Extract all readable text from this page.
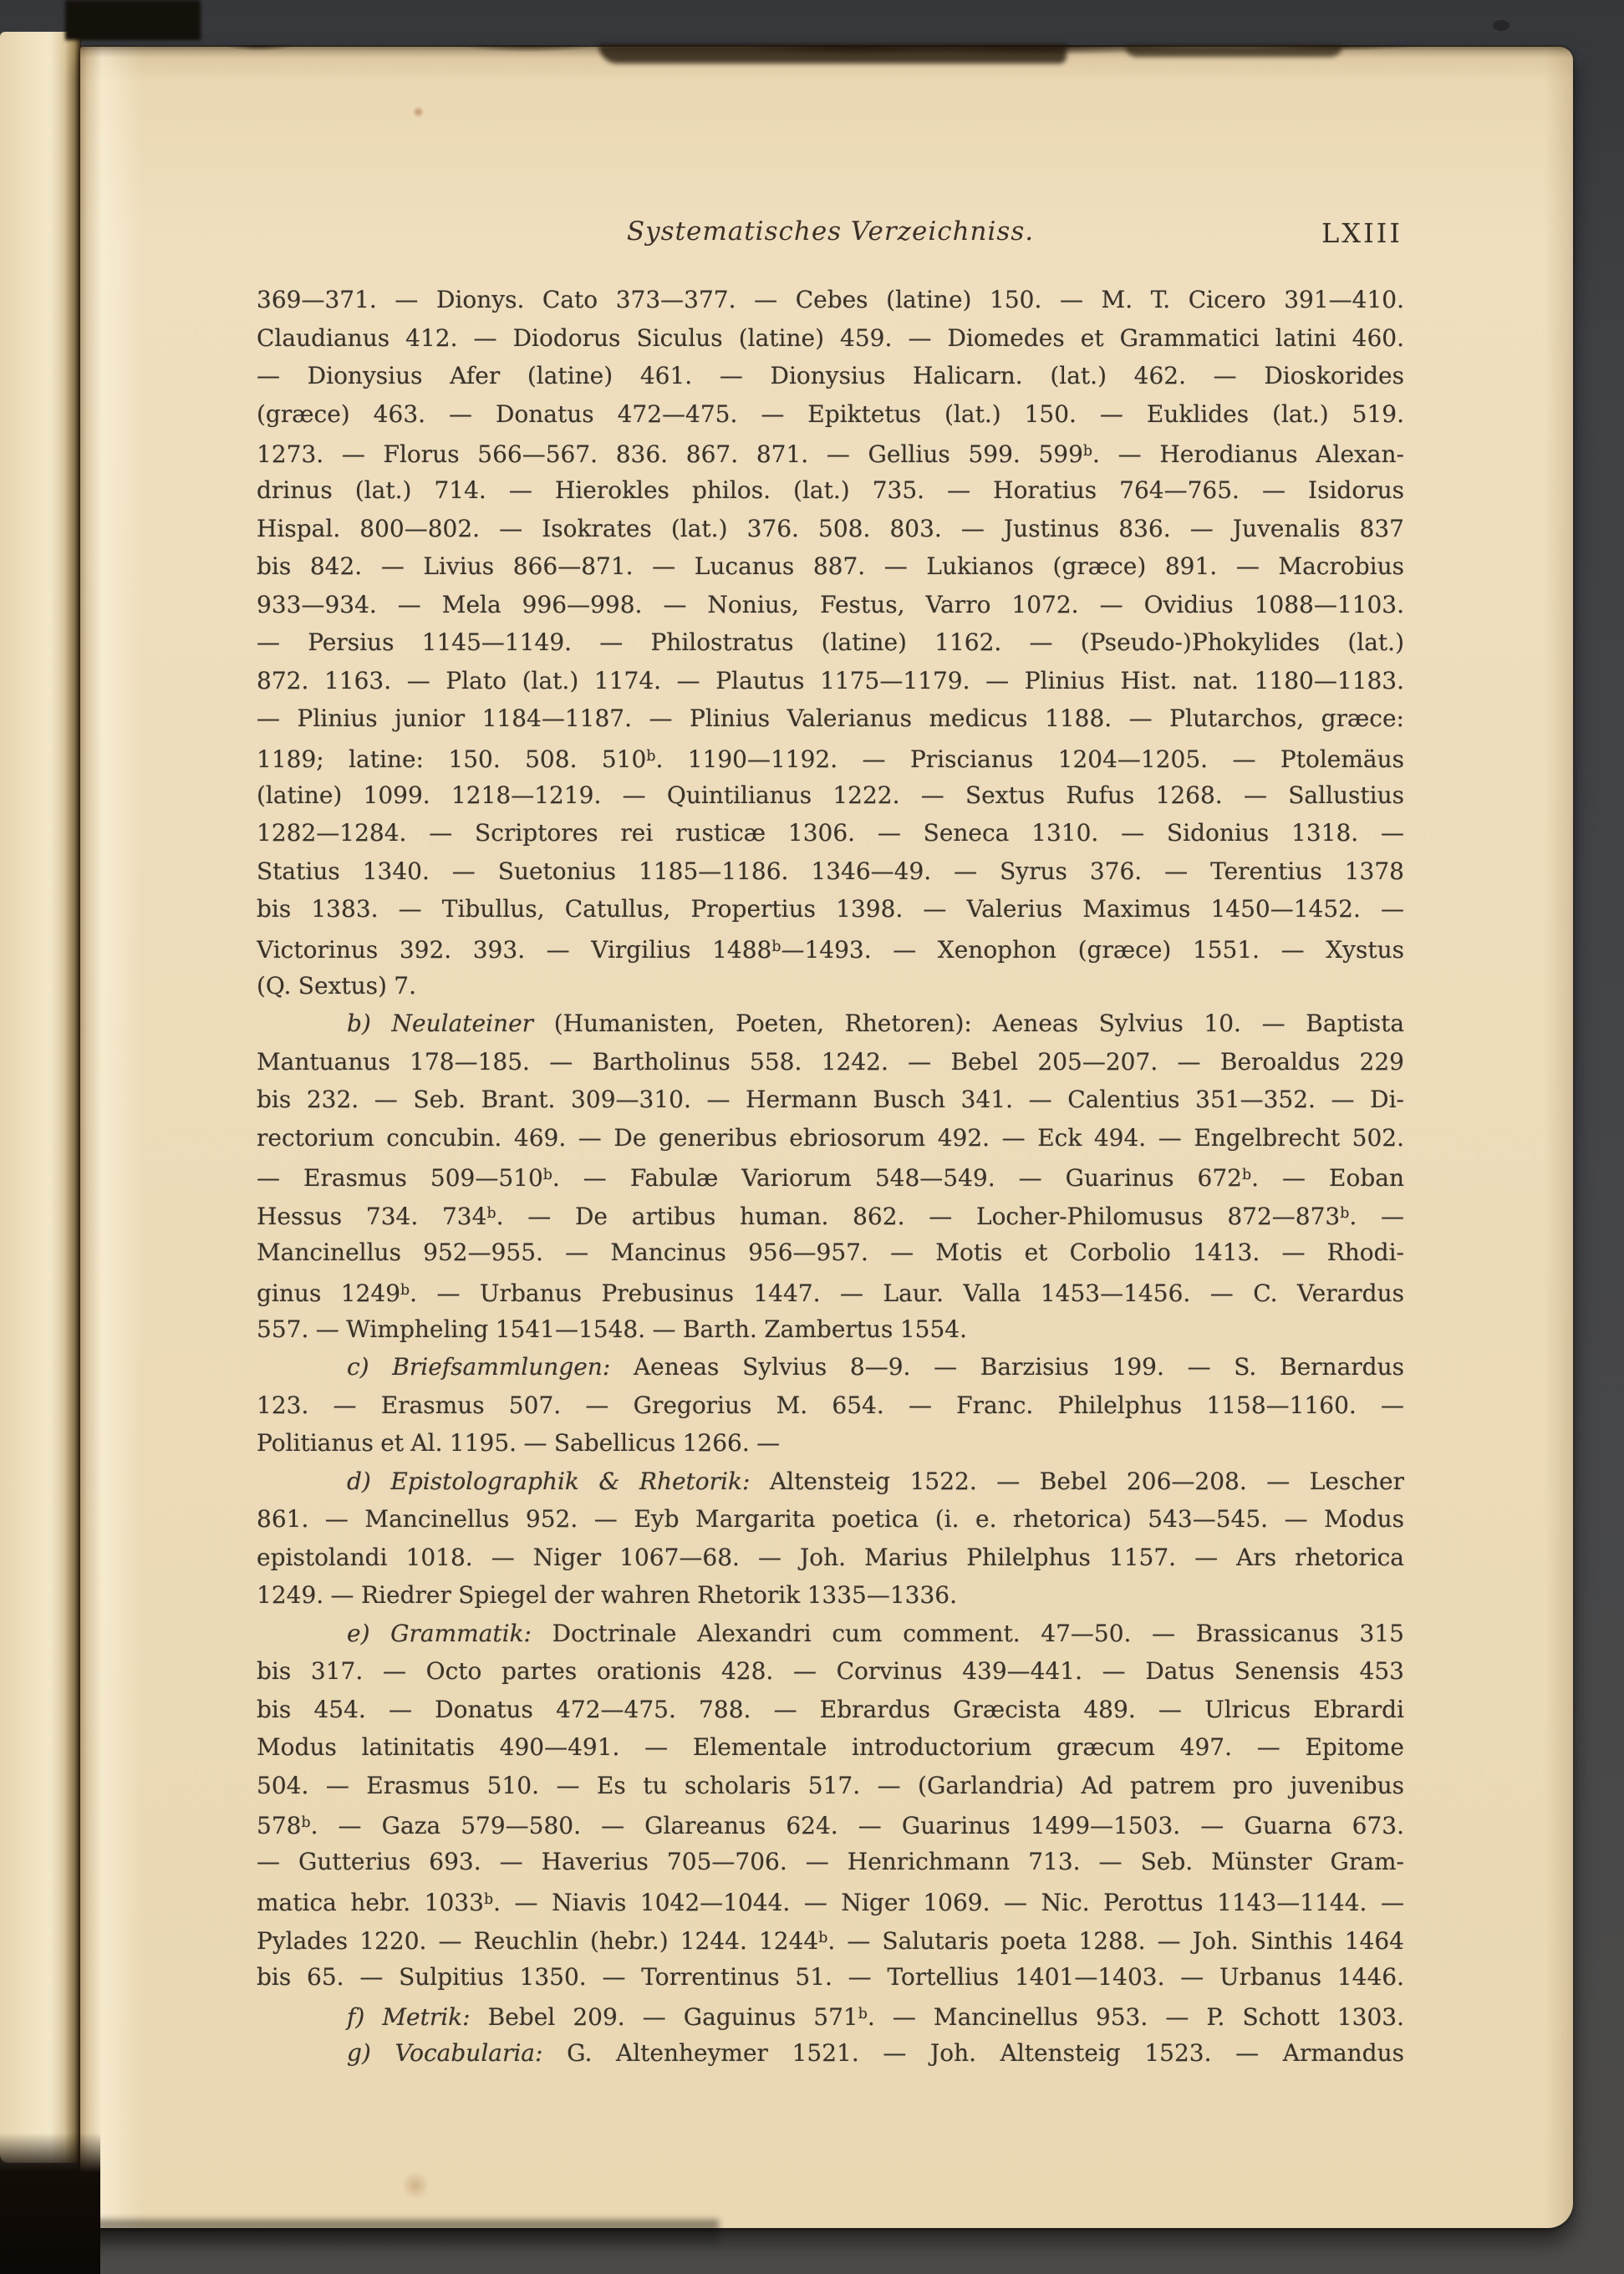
Systematisches Verzeichniss.	LXIII
369—371. — Dionys. Cato 373—377. — Cebes (latine) 150. — M. T. Cicero 391—410.
Claudianus 412. — Diodorus Siculus (latine) 459. — Diomedes et Grammatici latini 460.
— Dionysius Afer (latine) 461. — Dionysius Halicarn. (lat.) 462. — Dioskorides
(græce) 463. — Donatus 472—475. — Epiktetus (lat.) 150. — Euklides (lat.) 519.
1273. — Florus 566—567. 836. 867. 871. — Gellius 599. 599$^b$. — Herodianus Alexan-
drinus (lat.) 714. — Hierokles philos. (lat.) 735. — Horatius 764—765. — Isidorus
Hispal. 800—802. — Isokrates (lat.) 376. 508. 803. — Justinus 836. — Juvenalis 837
bis 842. — Livius 866—871. — Lucanus 887. — Lukianos (græce) 891. — Macrobius
933—934. — Mela 996—998. — Nonius, Festus, Varro 1072. — Ovidius 1088—1103.
— Persius 1145—1149. — Philostratus (latine) 1162. — (Pseudo-)Phokylides (lat.)
872. 1163. — Plato (lat.) 1174. — Plautus 1175—1179. — Plinius Hist. nat. 1180—1183.
— Plinius junior 1184—1187. — Plinius Valerianus medicus 1188. — Plutarchos, græce:
1189; latine: 150. 508. 510$^b$. 1190—1192. — Priscianus 1204—1205. — Ptolemäus
(latine) 1099. 1218—1219. — Quintilianus 1222. — Sextus Rufus 1268. — Sallustius
1282—1284. — Scriptores rei rusticæ 1306. — Seneca 1310. — Sidonius 1318. —
Statius 1340. — Suetonius 1185—1186. 1346—49. — Syrus 376. — Terentius 1378
bis 1383. — Tibullus, Catullus, Propertius 1398. — Valerius Maximus 1450—1452. —
Victorinus 392. 393. — Virgilius 1488$^b$—1493. — Xenophon (græce) 1551. — Xystus
(Q. Sextus) 7.
b) Neulateiner (Humanisten, Poeten, Rhetoren): Aeneas Sylvius 10. — Baptista
Mantuanus 178—185. — Bartholinus 558. 1242. — Bebel 205—207. — Beroaldus 229
bis 232. — Seb. Brant. 309—310. — Hermann Busch 341. — Calentius 351—352. — Di-
rectorium concubin. 469. — De generibus ebriosorum 492. — Eck 494. — Engelbrecht 502.
— Erasmus 509—510$^b$. — Fabulæ Variorum 548—549. — Guarinus 672$^b$. — Eoban
Hessus 734. 734$^b$. — De artibus human. 862. — Locher-Philomusus 872—873$^b$. —
Mancinellus 952—955. — Mancinus 956—957. — Motis et Corbolio 1413. — Rhodi-
ginus 1249$^b$. — Urbanus Prebusinus 1447. — Laur. Valla 1453—1456. — C. Verardus
557. — Wimpheling 1541—1548. — Barth. Zambertus 1554.
c) Briefsammlungen: Aeneas Sylvius 8—9. — Barzisius 199. — S. Bernardus
123. — Erasmus 507. — Gregorius M. 654. — Franc. Philelphus 1158—1160. —
Politianus et Al. 1195. — Sabellicus 1266. —
d) Epistolographik & Rhetorik: Altensteig 1522. — Bebel 206—208. — Lescher
861. — Mancinellus 952. — Eyb Margarita poetica (i. e. rhetorica) 543—545. — Modus
epistolandi 1018. — Niger 1067—68. — Joh. Marius Philelphus 1157. — Ars rhetorica
1249. — Riedrer Spiegel der wahren Rhetorik 1335—1336.
e) Grammatik: Doctrinale Alexandri cum comment. 47—50. — Brassicanus 315
bis 317. — Octo partes orationis 428. — Corvinus 439—441. — Datus Senensis 453
bis 454. — Donatus 472—475. 788. — Ebrardus Græcista 489. — Ulricus Ebrardi
Modus latinitatis 490—491. — Elementale introductorium græcum 497. — Epitome
504. — Erasmus 510. — Es tu scholaris 517. — (Garlandria) Ad patrem pro juvenibus
578$^b$. — Gaza 579—580. — Glareanus 624. — Guarinus 1499—1503. — Guarna 673.
— Gutterius 693. — Haverius 705—706. — Henrichmann 713. — Seb. Münster Gram-
matica hebr. 1033$^b$. — Niavis 1042—1044. — Niger 1069. — Nic. Perottus 1143—1144. —
Pylades 1220. — Reuchlin (hebr.) 1244. 1244$^b$. — Salutaris poeta 1288. — Joh. Sinthis 1464
bis 65. — Sulpitius 1350. — Torrentinus 51. — Tortellius 1401—1403. — Urbanus 1446.
f) Metrik: Bebel 209. — Gaguinus 571$^b$. — Mancinellus 953. — P. Schott 1303.
g) Vocabularia: G. Altenheymer 1521. — Joh. Altensteig 1523. — Armandus
